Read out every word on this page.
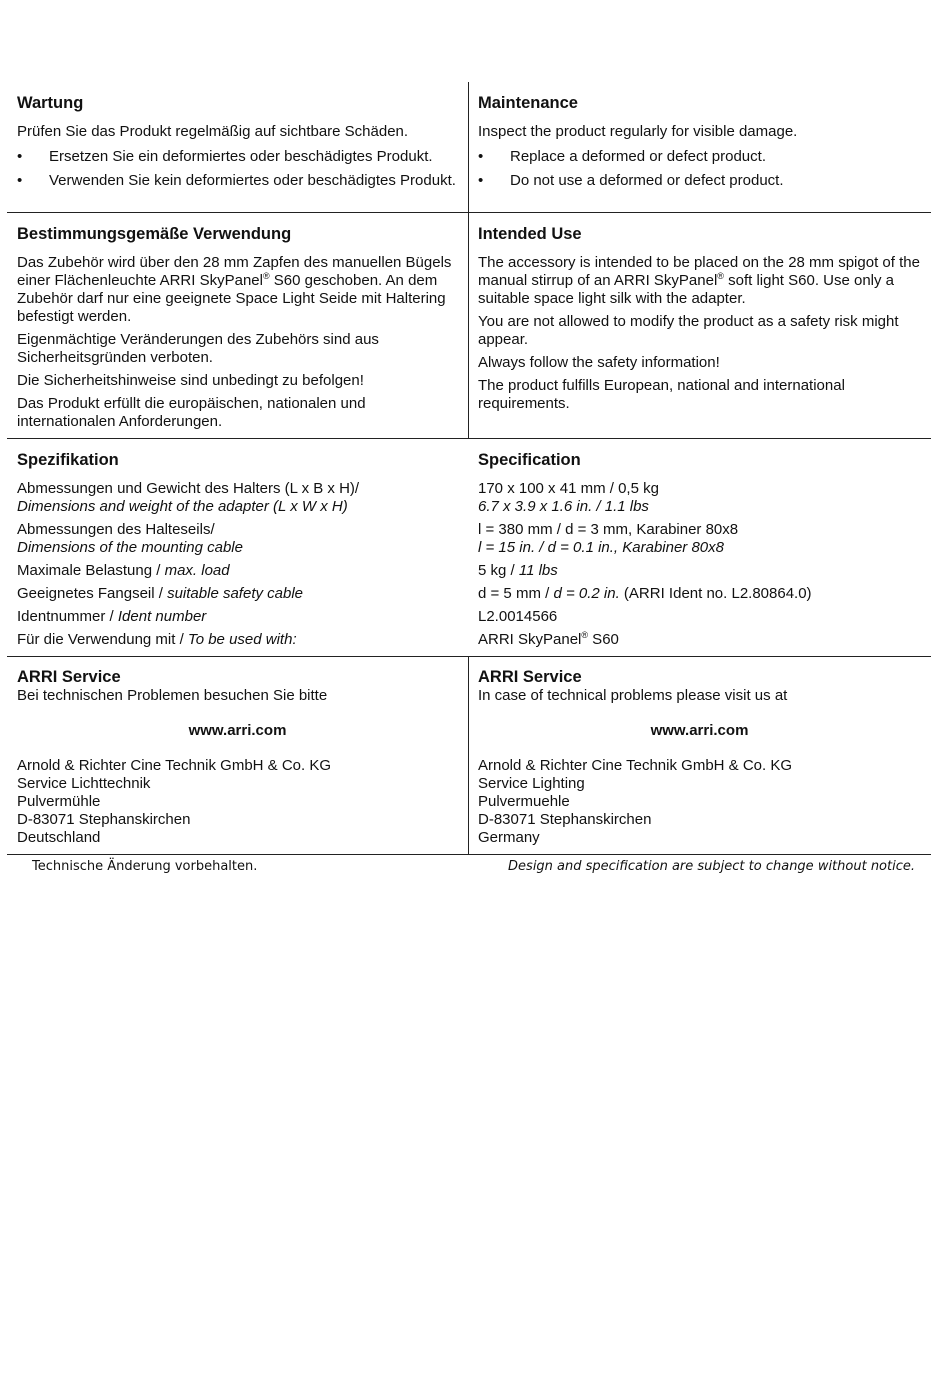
Wartung

Prüfen Sie das Produkt regelmäßig auf sichtbare Schäden.

• Ersetzen Sie ein deformiertes oder beschädigtes Produkt.
• Verwenden Sie kein deformiertes oder beschädigtes Produkt.
Maintenance

Inspect the product regularly for visible damage.

• Replace a deformed or defect product.
• Do not use a deformed or defect product.
Bestimmungsgemäße Verwendung

Das Zubehör wird über den 28 mm Zapfen des manuellen Bügels einer Flächenleuchte ARRI SkyPanel® S60 geschoben. An dem Zubehör darf nur eine geeignete Space Light Seide mit Haltering befestigt werden.

Eigenmächtige Veränderungen des Zubehörs sind aus Sicherheitsgründen verboten.

Die Sicherheitshinweise sind unbedingt zu befolgen!

Das Produkt erfüllt die europäischen, nationalen und internationalen Anforderungen.

Intended Use

The accessory is intended to be placed on the 28 mm spigot of the manual stirrup of an ARRI SkyPanel® soft light S60. Use only a suitable space light silk with the adapter.

You are not allowed to modify the product as a safety risk might appear.

Always follow the safety information!

The product fulfills European, national and international requirements.

Spezifikation

Abmessungen und Gewicht des Halters (L x B x H)/
Dimensions and weight of the adapter (L x W x H)

Abmessungen des Halteseils/
Dimensions of the mounting cable

Maximale Belastung / max. load

Geeignetes Fangseil / suitable safety cable

Identnummer / Ident number

Für die Verwendung mit / To be used with:

Specification

170 x 100 x 41 mm / 0,5 kg
6.7 x 3.9 x 1.6 in. / 1.1 lbs

l = 380 mm / d = 3 mm, Karabiner 80x8
l = 15 in. / d = 0.1 in., Karabiner 80x8

5 kg / 11 lbs

d = 5 mm / d = 0.2 in. (ARRI Ident no. L2.80864.0)

L2.0014566

ARRI SkyPanel® S60

ARRI Service

Bei technischen Problemen besuchen Sie bitte

www.arri.com

Arnold & Richter Cine Technik GmbH & Co. KG

Service Lichttechnik

Pulvermühle

D-83071 Stephanskirchen

Deutschland

ARRI Service

In case of technical problems please visit us at

www.arri.com

Arnold & Richter Cine Technik GmbH & Co. KG

Service Lighting

Pulvermuehle

D-83071 Stephanskirchen

Germany

Technische Änderung vorbehalten.	Design and specification are subject to change without notice.
